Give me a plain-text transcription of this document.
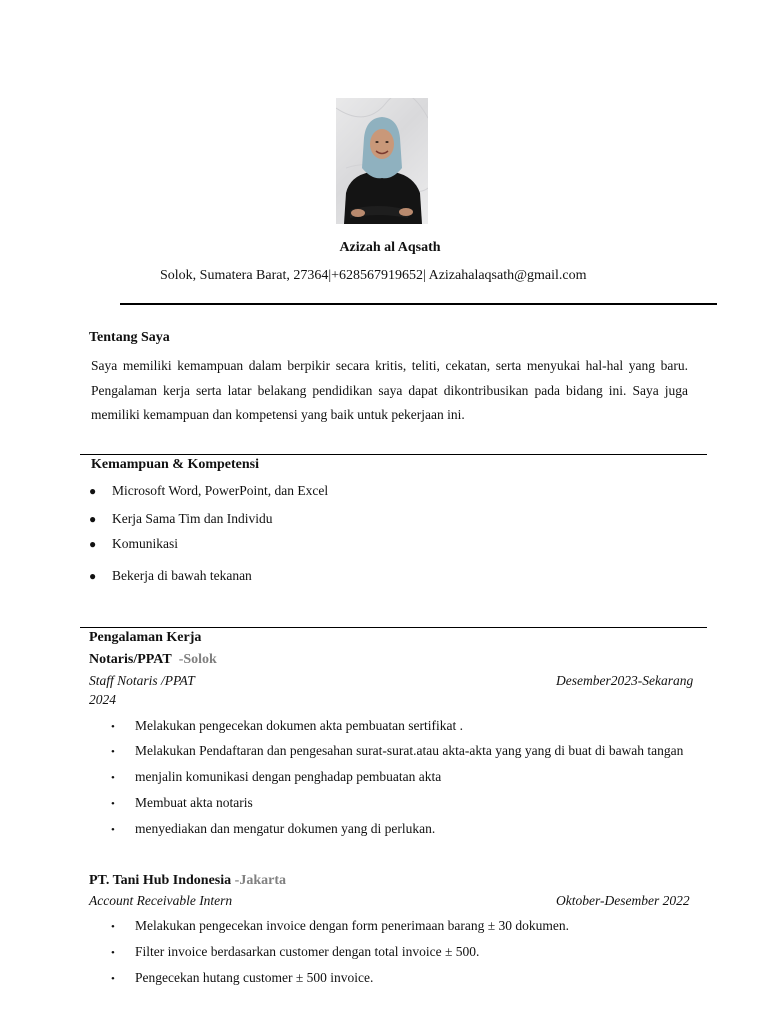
Azizah al Aqsath
Solok, Sumatera Barat, 27364|+628567919652| Azizahalaqsath@gmail.com
Tentang Saya

Saya memiliki kemampuan dalam berpikir secara kritis, teliti, cekatan, serta menyukai hal-hal yang baru. Pengalaman kerja serta latar belakang pendidikan saya dapat dikontribusikan pada bidang ini. Saya juga memiliki kemampuan dan kompetensi yang baik untuk pekerjaan ini.

Kemampuan & Kompetensi
●	Microsoft Word, PowerPoint, dan Excel
●	Kerja Sama Tim dan Individu
●	Komunikasi
●	Bekerja di bawah tekanan
Pengalaman Kerja
Notaris/PPAT -Solok
Staff Notaris /PPAT	Desember2023-Sekarang
2024
•	Melakukan pengecekan dokumen akta pembuatan sertifikat .
•	Melakukan Pendaftaran dan pengesahan surat-surat.atau akta-akta yang yang di buat di bawah tangan
•	menjalin komunikasi dengan penghadap pembuatan akta
•	Membuat akta notaris
•	menyediakan dan mengatur dokumen yang di perlukan.
PT. Tani Hub Indonesia -Jakarta
Account Receivable Intern	Oktober-Desember 2022
•	Melakukan pengecekan invoice dengan form penerimaan barang ± 30 dokumen.
•	Filter invoice berdasarkan customer dengan total invoice ± 500.
•	Pengecekan hutang customer ± 500 invoice.
